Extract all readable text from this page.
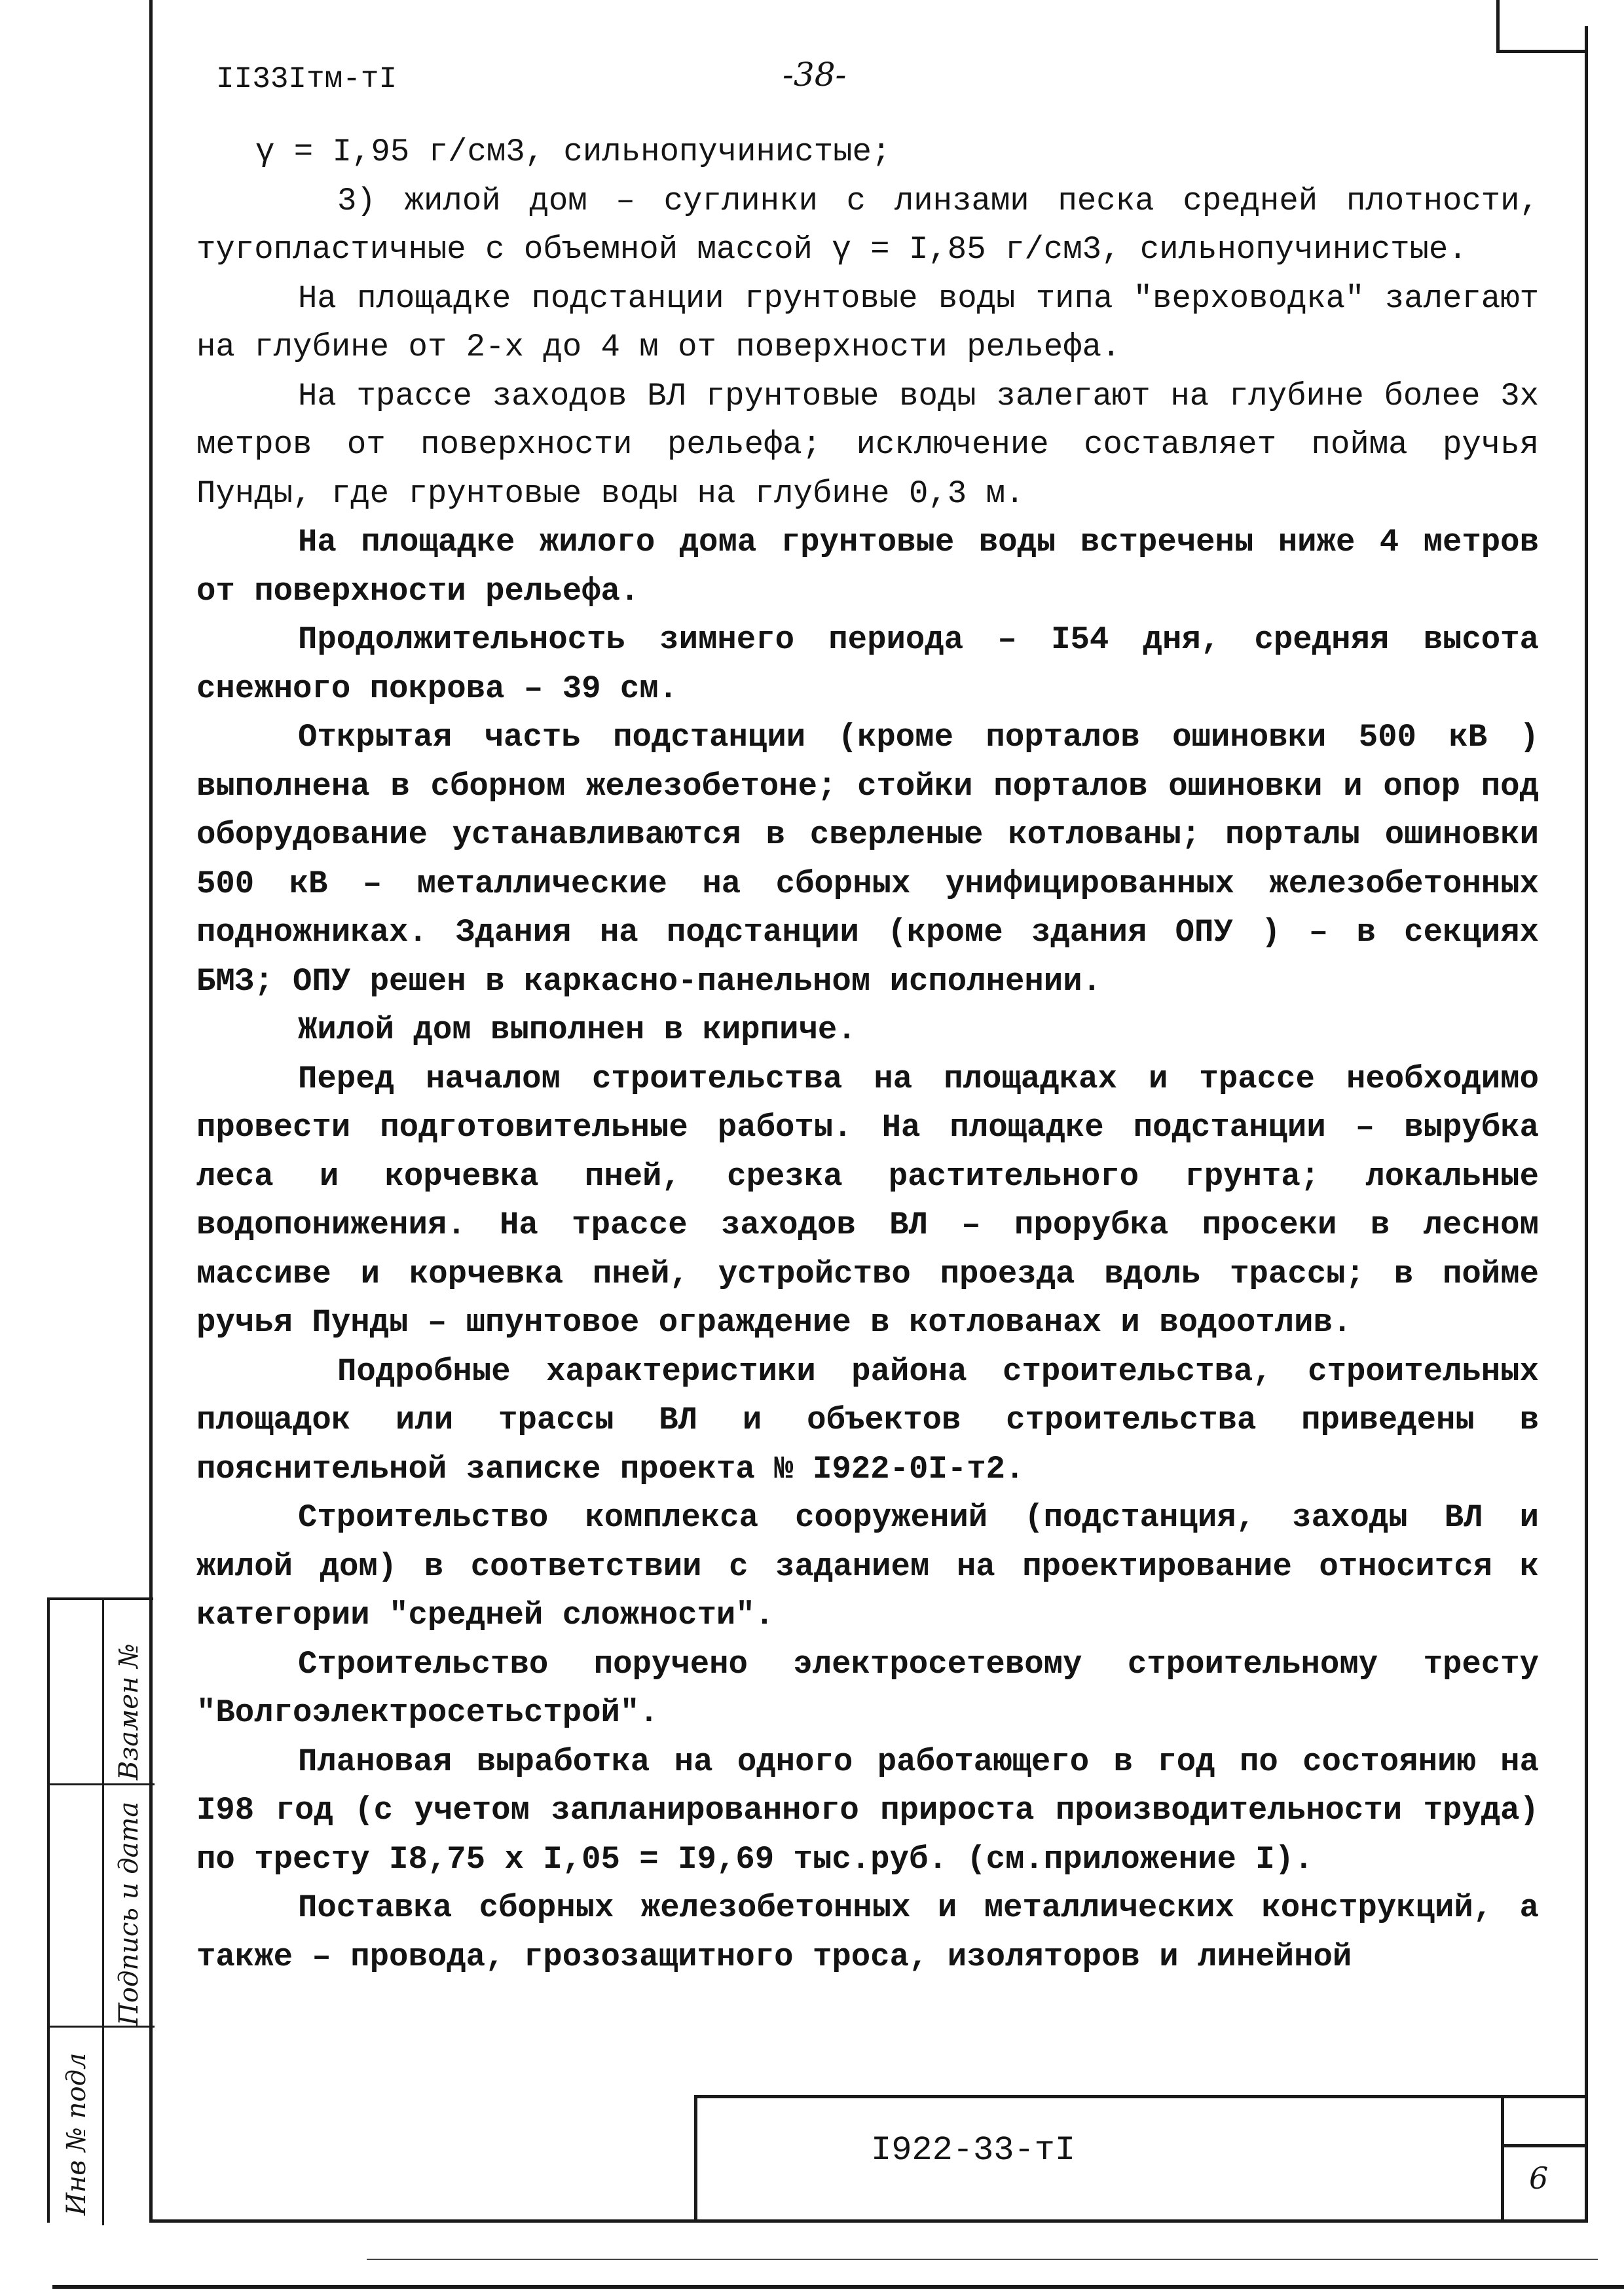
II33Iтм-тI	-38-

γ = I,95 г/см3, сильнопучинистые;

3) жилой дом – суглинки с линзами песка средней плотности, тугопластичные с объемной массой γ = I,85 г/см3, сильнопучинистые.

На площадке подстанции грунтовые воды типа "верховодка" залегают на глубине от 2-х до 4 м от поверхности рельефа.

На трассе заходов ВЛ грунтовые воды залегают на глубине более 3х метров от поверхности рельефа; исключение составляет пойма ручья Пунды, где грунтовые воды на глубине 0,3 м.

На площадке жилого дома грунтовые воды встречены ниже 4 метров от поверхности рельефа.

Продолжительность зимнего периода – I54 дня, средняя высота снежного покрова – 39 см.

Открытая часть подстанции (кроме порталов ошиновки 500 кВ ) выполнена в сборном железобетоне; стойки порталов ошиновки и опор под оборудование устанавливаются в сверленые котлованы; порталы ошиновки 500 кВ – металлические на сборных унифицированных железобетонных подножниках. Здания на подстанции (кроме здания ОПУ ) – в секциях БМЗ; ОПУ решен в каркасно-панельном исполнении.

Жилой дом выполнен в кирпиче.

Перед началом строительства на площадках и трассе необходимо провести подготовительные работы. На площадке подстанции – вырубка леса и корчевка пней, срезка растительного грунта; локальные водопонижения. На трассе заходов ВЛ – прорубка просеки в лесном массиве и корчевка пней, устройство проезда вдоль трассы; в пойме ручья Пунды – шпунтовое ограждение в котлованах и водоотлив.

Подробные характеристики района строительства, строительных площадок или трассы ВЛ и объектов строительства приведены в пояснительной записке проекта № I922-0I-т2.

Строительство комплекса сооружений (подстанция, заходы ВЛ и жилой дом) в соответствии с заданием на проектирование относится к категории "средней сложности".

Строительство поручено электросетевому строительному тресту "Волгоэлектросетьстрой".

Плановая выработка на одного работающего в год по состоянию на I98 год (с учетом запланированного прироста производительности труда) по тресту I8,75 х I,05 = I9,69 тыс.руб. (см.приложение I).

Поставка сборных железобетонных и металлических конструкций, а также – провода, грозозащитного троса, изоляторов и линейной

Инв № подл
Подпись и дата
Взамен №
I922-33-тI
6
